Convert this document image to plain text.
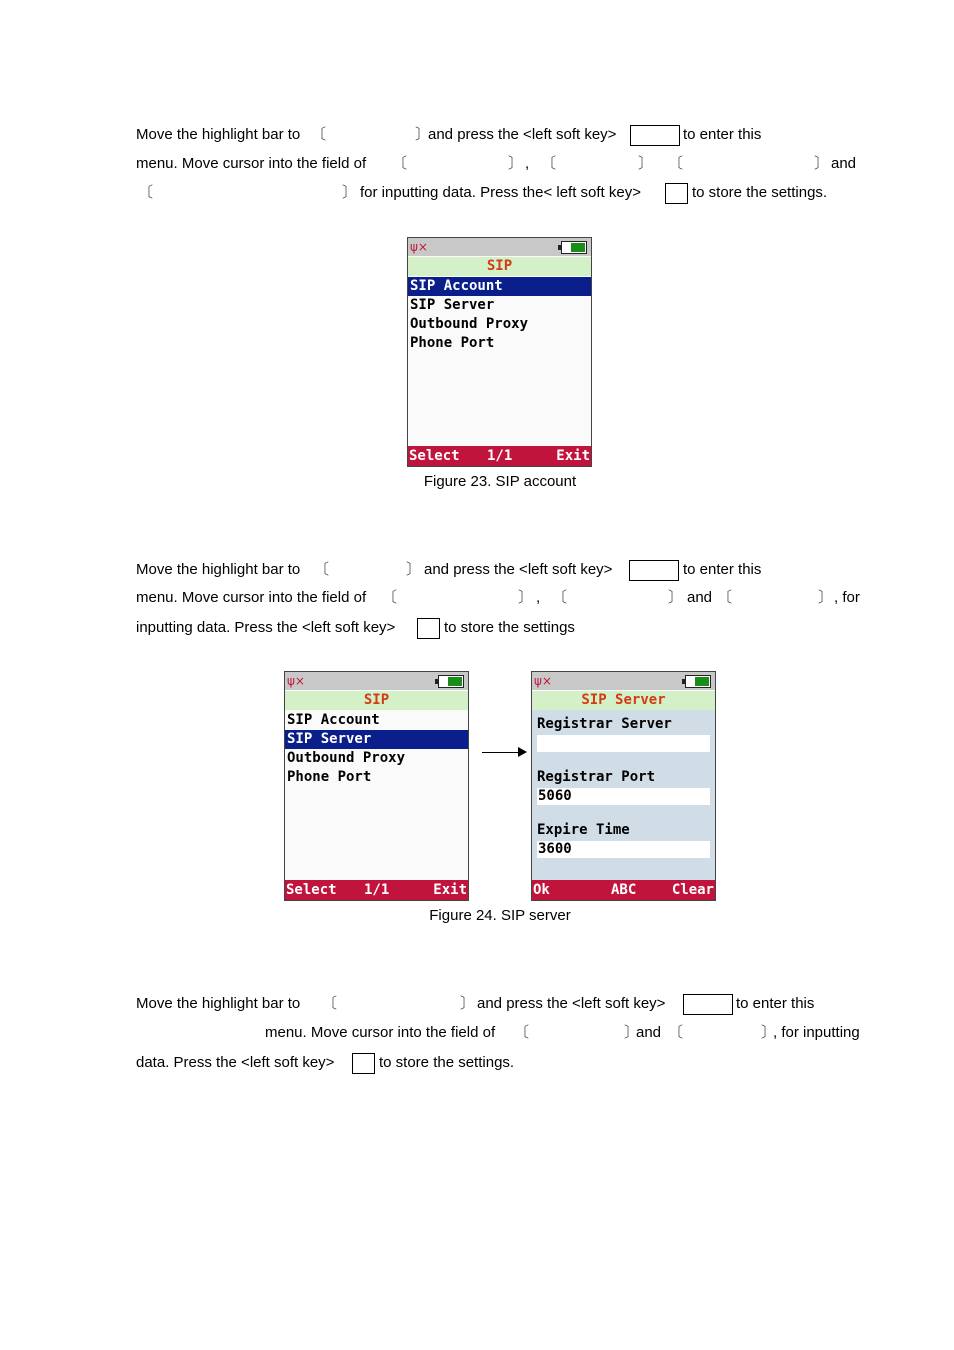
Move the highlight bar to 〔	〕
and press the <left soft key>	to enter this
menu. Move cursor into the field of 〔	〕 , 〔	〕 〔	〕 and
〔	〕 for inputting data. Press the< left soft key>	to store the settings.
ψ×
SIP
SIP Account
SIP Server
Outbound Proxy
Phone Port
Select 1/1	Exit
Figure 23. SIP account
Move the highlight bar to 〔	〕 and press the <left soft key>	to enter this
menu. Move cursor into the field of 〔	〕 , 〔	〕 and 〔	〕 , for
inputting data. Press the <left soft key>	to store the settings
ψ×
SIP
SIP Account
SIP Server
Outbound Proxy
Phone Port
Select 1/1	Exit
ψ×
SIP Server
Registrar Server
Registrar Port
5060
Expire Time
3600
Ok	ABC	Clear
Figure 24. SIP server
Move the highlight bar to 〔	〕 and press the <left soft key>	to enter this
menu. Move cursor into the field of 〔	〕
and 〔	〕
, for inputting
data. Press the <left soft key>	to store the settings.
